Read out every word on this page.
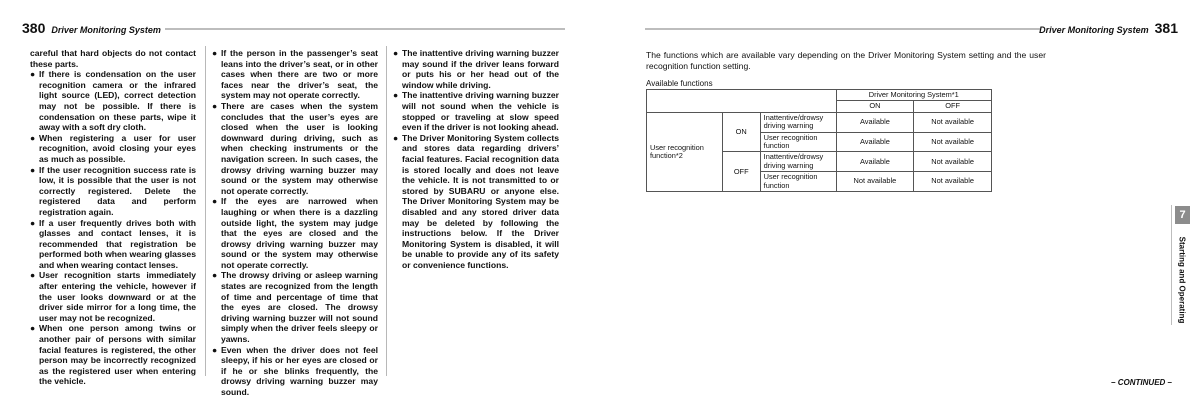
380 Driver Monitoring System

careful that hard objects do not contact these parts.

● If there is condensation on the user recognition camera or the infrared light source (LED), correct detection may not be possible. If there is condensation on these parts, wipe it away with a soft dry cloth.
● When registering a user for user recognition, avoid closing your eyes as much as possible.
● If the user recognition success rate is low, it is possible that the user is not correctly registered. Delete the registered data and perform registration again.
● If a user frequently drives both with glasses and contact lenses, it is recommended that registration be performed both when wearing glasses and when wearing contact lenses.
● User recognition starts immediately after entering the vehicle, however if the user looks downward or at the driver side mirror for a long time, the user may not be recognized.
● When one person among twins or another pair of persons with similar facial features is registered, the other person may be incorrectly recognized as the registered user when entering the vehicle.
● If the person in the passenger’s seat leans into the driver’s seat, or in other cases when there are two or more faces near the driver’s seat, the system may not operate correctly.
● There are cases when the system concludes that the user’s eyes are closed when the user is looking downward during driving, such as when checking instruments or the navigation screen. In such cases, the drowsy driving warning buzzer may sound or the system may otherwise not operate correctly.
● If the eyes are narrowed when laughing or when there is a dazzling outside light, the system may judge that the eyes are closed and the drowsy driving warning buzzer may sound or the system may otherwise not operate correctly.
● The drowsy driving or asleep warning states are recognized from the length of time and percentage of time that the eyes are closed. The drowsy driving warning buzzer will not sound simply when the driver feels sleepy or yawns.
● Even when the driver does not feel sleepy, if his or her eyes are closed or if he or she blinks frequently, the drowsy driving warning buzzer may sound.
● The inattentive driving warning buzzer may sound if the driver leans forward or puts his or her head out of the window while driving.
● The inattentive driving warning buzzer will not sound when the vehicle is stopped or traveling at slow speed even if the driver is not looking ahead.
● The Driver Monitoring System collects and stores data regarding drivers’ facial features. Facial recognition data is stored locally and does not leave the vehicle. It is not transmitted to or stored by SUBARU or anyone else. The Driver Monitoring System may be disabled and any stored driver data may be deleted by following the instructions below. If the Driver Monitoring System is disabled, it will be unable to provide any of its safety or convenience functions.
Driver Monitoring System 381
The functions which are available vary depending on the Driver Monitoring System setting and the user recognition function setting.
Available functions
			Driver Monitoring System*1	
			ON	OFF
User recognition function*2	ON	Inattentive/drowsy driving warning	Available	Not available
		User recognition function	Available	Not available
	OFF	Inattentive/drowsy driving warning	Available	Not available
		User recognition function	Not available	Not available
7
Starting and Operating
– CONTINUED –
